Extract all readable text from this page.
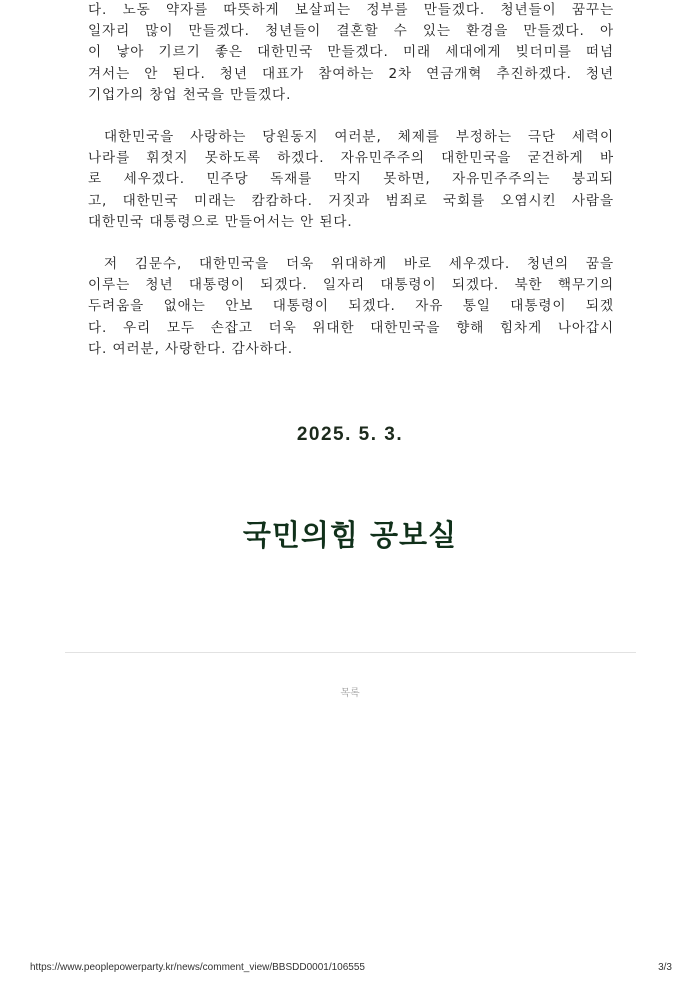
다. 노동 약자를 따뜻하게 보살피는 정부를 만들겠다. 청년들이 꿈꾸는
일자리 많이 만들겠다. 청년들이 결혼할 수 있는 환경을 만들겠다. 아
이 낳아 기르기 좋은 대한민국 만들겠다. 미래 세대에게 빚더미를 떠넘
겨서는 안 된다. 청년 대표가 참여하는 2차 연금개혁 추진하겠다. 청년
기업가의 창업 천국을 만들겠다.

대한민국을 사랑하는 당원동지 여러분, 체제를 부정하는 극단 세력이
나라를 휘젓지 못하도록 하겠다. 자유민주주의 대한민국을 굳건하게 바
로 세우겠다. 민주당 독재를 막지 못하면, 자유민주주의는 붕괴되
고, 대한민국 미래는 캄캄하다. 거짓과 범죄로 국회를 오염시킨 사람을
대한민국 대통령으로 만들어서는 안 된다.

저 김문수, 대한민국을 더욱 위대하게 바로 세우겠다. 청년의 꿈을
이루는 청년 대통령이 되겠다. 일자리 대통령이 되겠다. 북한 핵무기의
두려움을 없애는 안보 대통령이 되겠다. 자유 통일 대통령이 되겠
다. 우리 모두 손잡고 더욱 위대한 대한민국을 향해 힘차게 나아갑시
다. 여러분, 사랑한다. 감사하다.

2025. 5. 3.
국민의힘 공보실
목록
https://www.peoplepowerparty.kr/news/comment_view/BBSDD0001/106555	3/3
